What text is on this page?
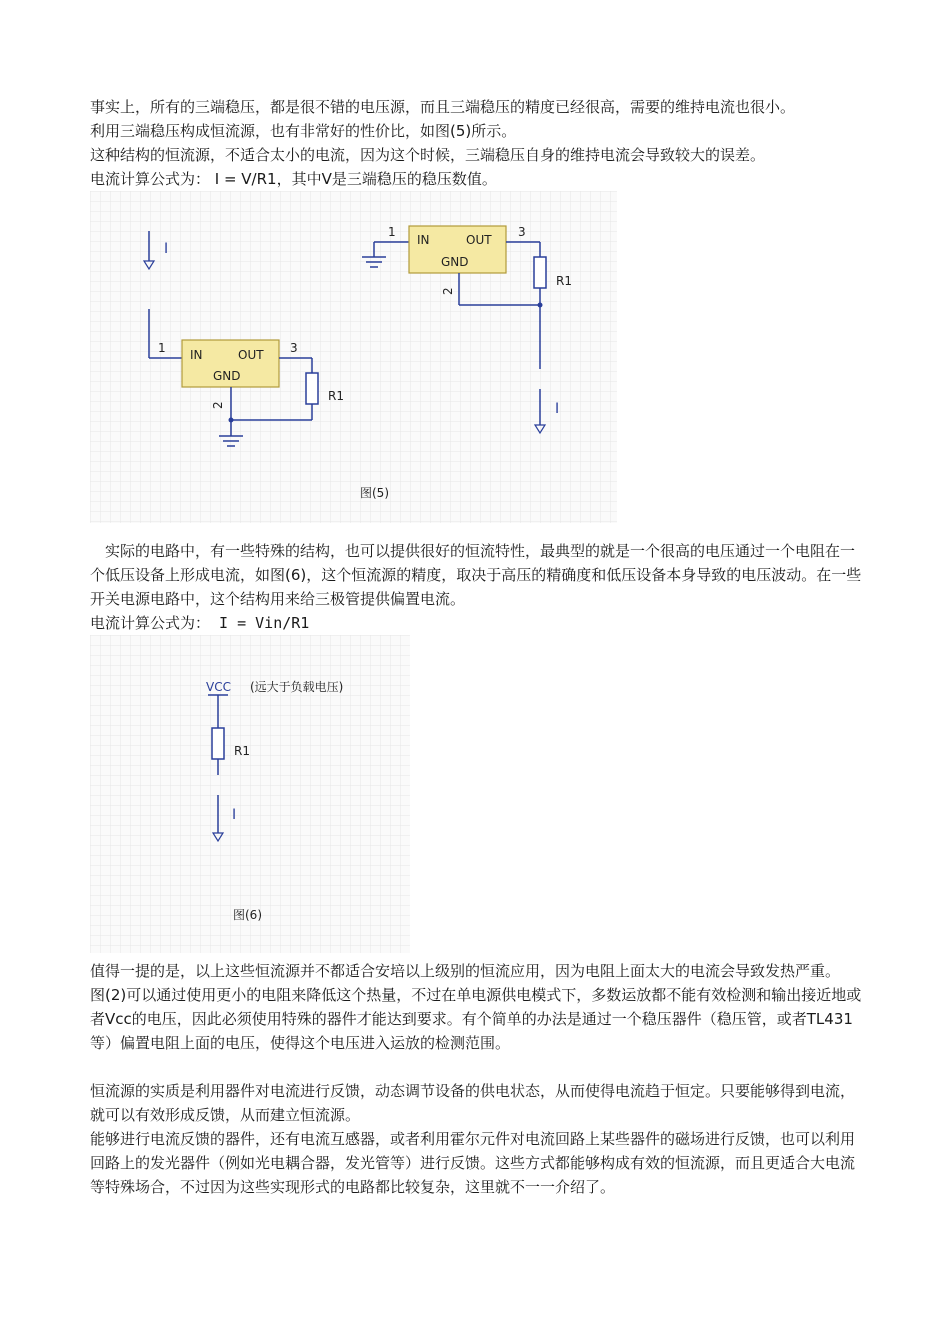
事实上，所有的三端稳压，都是很不错的电压源，而且三端稳压的精度已经很高，需要的维持电流也很小。

利用三端稳压构成恒流源，也有非常好的性价比，如图(5)所示。

这种结构的恒流源，不适合太小的电流，因为这个时候，三端稳压自身的维持电流会导致较大的误差。

电流计算公式为： I = V/R1，其中V是三端稳压的稳压数值。

I
1 IN	OUT
GND
3
R1
2
1
IN	OUT
GND
3
R1
2
I
图(5)

实际的电路中，有一些特殊的结构，也可以提供很好的恒流特性，最典型的就是一个很高的电压通过一个电阻在一个低压设备上形成电流，如图(6)，这个恒流源的精度，取决于高压的精确度和低压设备本身导致的电压波动。在一些开关电源电路中，这个结构用来给三极管提供偏置电流。

电流计算公式为： I = Vin/R1

VCC (远大于负载电压)
R1
I
图(6)

值得一提的是，以上这些恒流源并不都适合安培以上级别的恒流应用，因为电阻上面太大的电流会导致发热严重。

图(2)可以通过使用更小的电阻来降低这个热量，不过在单电源供电模式下，多数运放都不能有效检测和输出接近地或者Vcc的电压，因此必须使用特殊的器件才能达到要求。有个简单的办法是通过一个稳压器件（稳压管，或者TL431等）偏置电阻上面的电压，使得这个电压进入运放的检测范围。

恒流源的实质是利用器件对电流进行反馈，动态调节设备的供电状态，从而使得电流趋于恒定。只要能够得到电流，就可以有效形成反馈，从而建立恒流源。

能够进行电流反馈的器件，还有电流互感器，或者利用霍尔元件对电流回路上某些器件的磁场进行反馈，也可以利用回路上的发光器件（例如光电耦合器，发光管等）进行反馈。这些方式都能够构成有效的恒流源，而且更适合大电流等特殊场合，不过因为这些实现形式的电路都比较复杂，这里就不一一介绍了。
